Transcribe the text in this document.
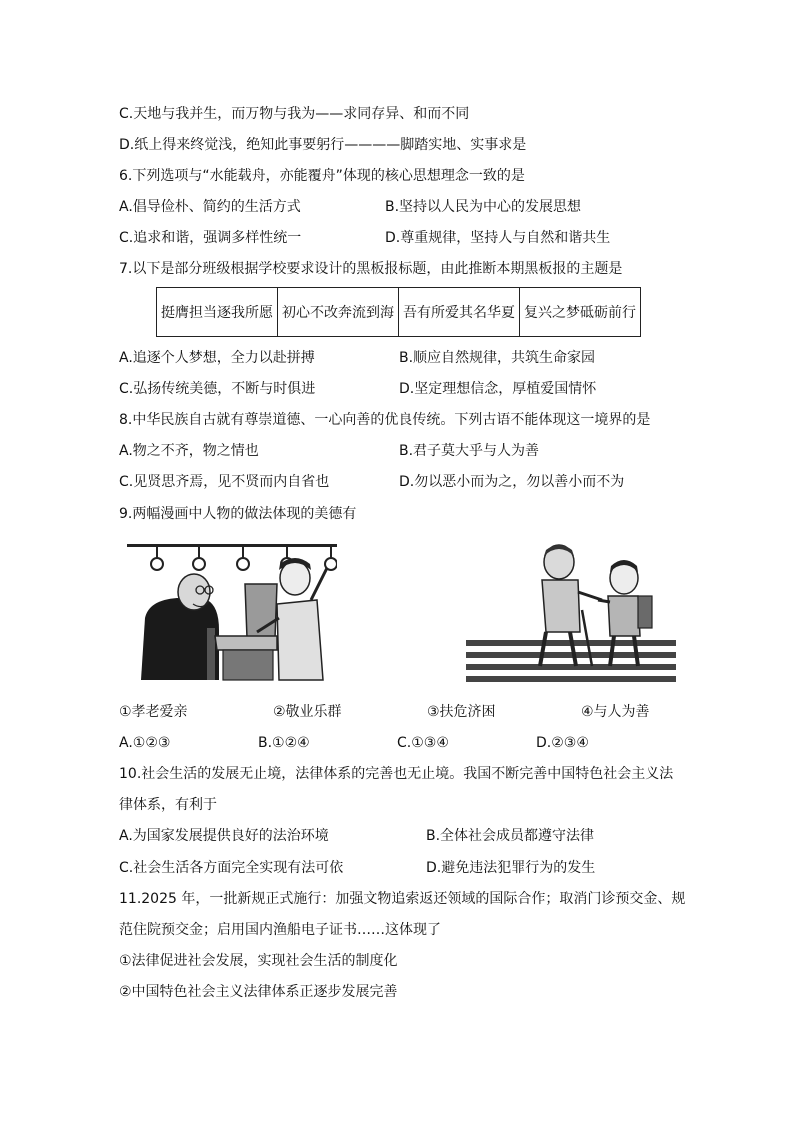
C.天地与我并生，而万物与我为——求同存异、和而不同
D.纸上得来终觉浅，绝知此事要躬行————脚踏实地、实事求是
6.下列选项与“水能载舟，亦能覆舟”体现的核心思想理念一致的是
A.倡导俭朴、简约的生活方式	B.坚持以人民为中心的发展思想
C.追求和谐，强调多样性统一	D.尊重规律，坚持人与自然和谐共生
7.以下是部分班级根据学校要求设计的黑板报标题，由此推断本期黑板报的主题是
挺膺担当逐我所愿	初心不改奔流到海	吾有所爱其名华夏	复兴之梦砥砺前行
A.追逐个人梦想，全力以赴拼搏	B.顺应自然规律，共筑生命家园
C.弘扬传统美德，不断与时俱进	D.坚定理想信念，厚植爱国情怀
8.中华民族自古就有尊崇道德、一心向善的优良传统。下列古语不能体现这一境界的是
A.物之不齐，物之情也	B.君子莫大乎与人为善
C.见贤思齐焉，见不贤而内自省也	D.勿以恶小而为之，勿以善小而不为
9.两幅漫画中人物的做法体现的美德有
①孝老爱亲	②敬业乐群	③扶危济困	④与人为善
A.①②③	B.①②④	C.①③④	D.②③④
10.社会生活的发展无止境，法律体系的完善也无止境。我国不断完善中国特色社会主义法
律体系，有利于
A.为国家发展提供良好的法治环境	B.全体社会成员都遵守法律
C.社会生活各方面完全实现有法可依	D.避免违法犯罪行为的发生
11.2025 年，一批新规正式施行：加强文物追索返还领域的国际合作；取消门诊预交金、规
范住院预交金；启用国内渔船电子证书……这体现了
①法律促进社会发展，实现社会生活的制度化
②中国特色社会主义法律体系正逐步发展完善
